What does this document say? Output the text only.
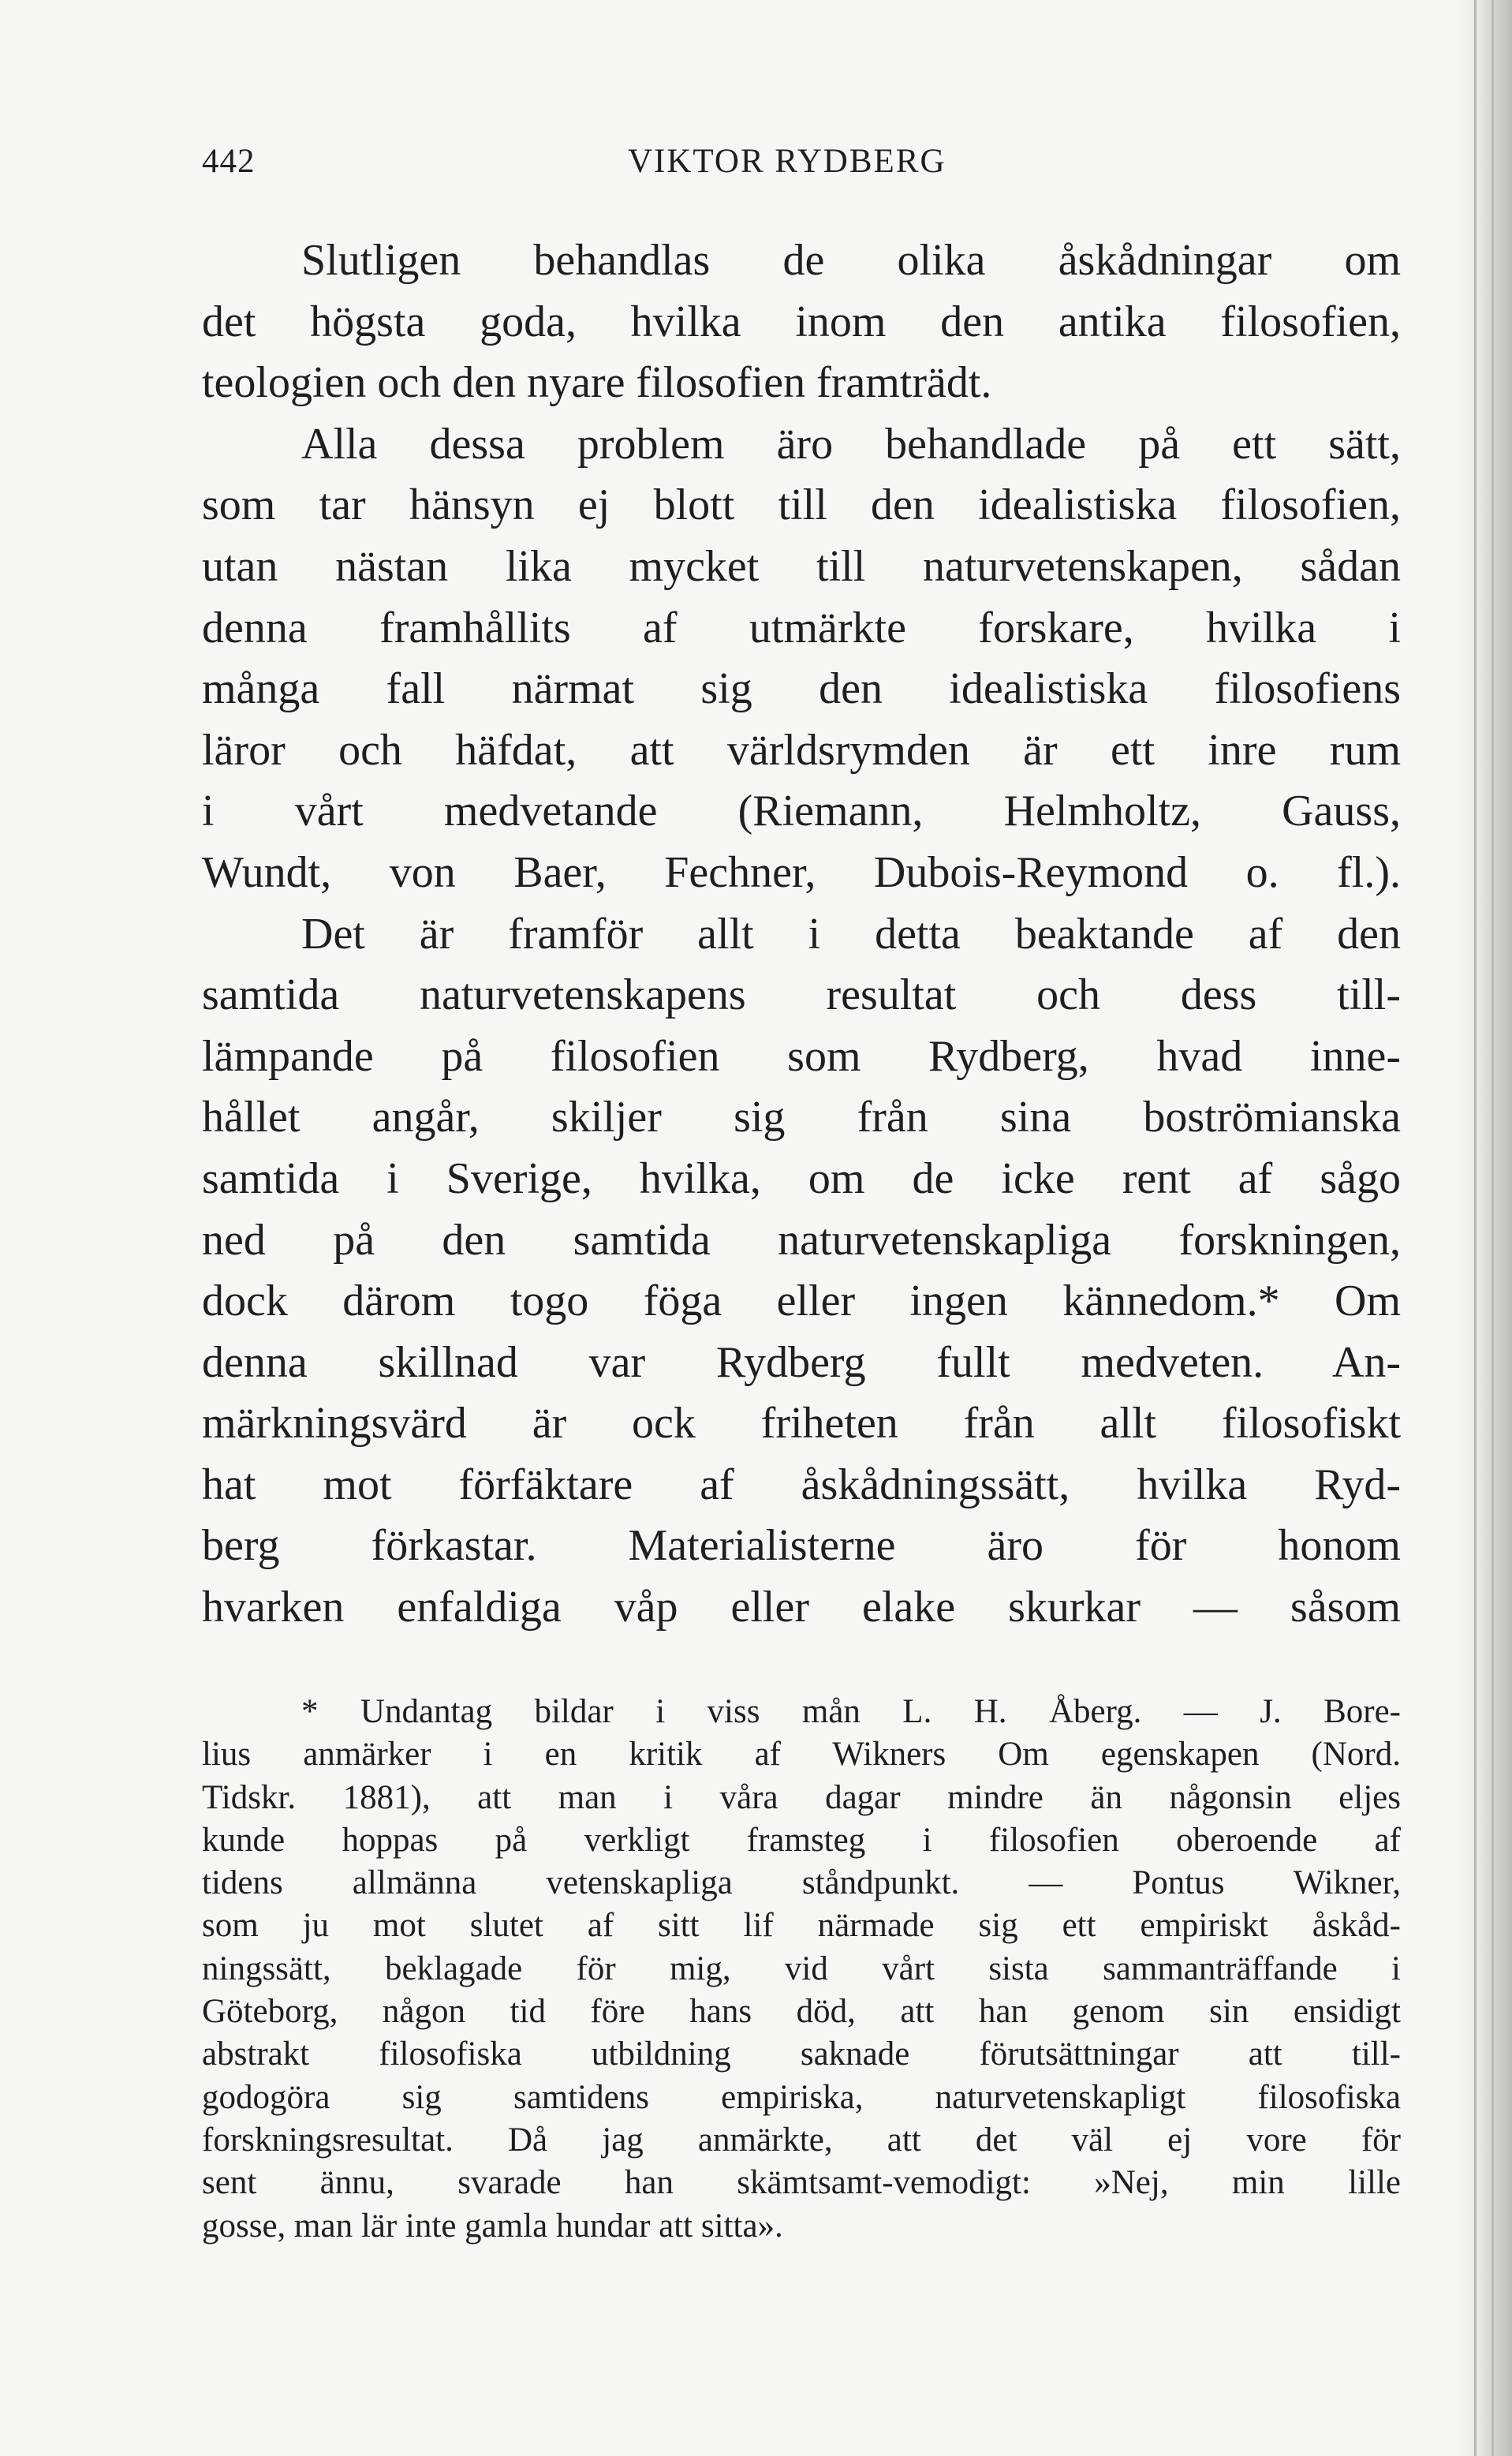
442	VIKTOR RYDBERG
Slutligen behandlas de olika åskådningar om
det högsta goda, hvilka inom den antika filosofien,
teologien och den nyare filosofien framträdt.
Alla dessa problem äro behandlade på ett sätt,
som tar hänsyn ej blott till den idealistiska filosofien,
utan nästan lika mycket till naturvetenskapen, sådan
denna framhållits af utmärkte forskare, hvilka i
många fall närmat sig den idealistiska filosofiens
läror och häfdat, att världsrymden är ett inre rum
i vårt medvetande (Riemann, Helmholtz, Gauss,
Wundt, von Baer, Fechner, Dubois-Reymond o. fl.).
Det är framför allt i detta beaktande af den
samtida naturvetenskapens resultat och dess till-
lämpande på filosofien som Rydberg, hvad inne-
hållet angår, skiljer sig från sina boströmianska
samtida i Sverige, hvilka, om de icke rent af sågo
ned på den samtida naturvetenskapliga forskningen,
dock därom togo föga eller ingen kännedom.* Om
denna skillnad var Rydberg fullt medveten. An-
märkningsvärd är ock friheten från allt filosofiskt
hat mot förfäktare af åskådningssätt, hvilka Ryd-
berg förkastar. Materialisterne äro för honom
hvarken enfaldiga våp eller elake skurkar — såsom
* Undantag bildar i viss mån L. H. Åberg. — J. Bore-
lius anmärker i en kritik af Wikners Om egenskapen (Nord.
Tidskr. 1881), att man i våra dagar mindre än någonsin eljes
kunde hoppas på verkligt framsteg i filosofien oberoende af
tidens allmänna vetenskapliga ståndpunkt. — Pontus Wikner,
som ju mot slutet af sitt lif närmade sig ett empiriskt åskåd-
ningssätt, beklagade för mig, vid vårt sista sammanträffande i
Göteborg, någon tid före hans död, att han genom sin ensidigt
abstrakt filosofiska utbildning saknade förutsättningar att till-
godogöra sig samtidens empiriska, naturvetenskapligt filosofiska
forskningsresultat. Då jag anmärkte, att det väl ej vore för
sent ännu, svarade han skämtsamt-vemodigt: »Nej, min lille
gosse, man lär inte gamla hundar att sitta».
